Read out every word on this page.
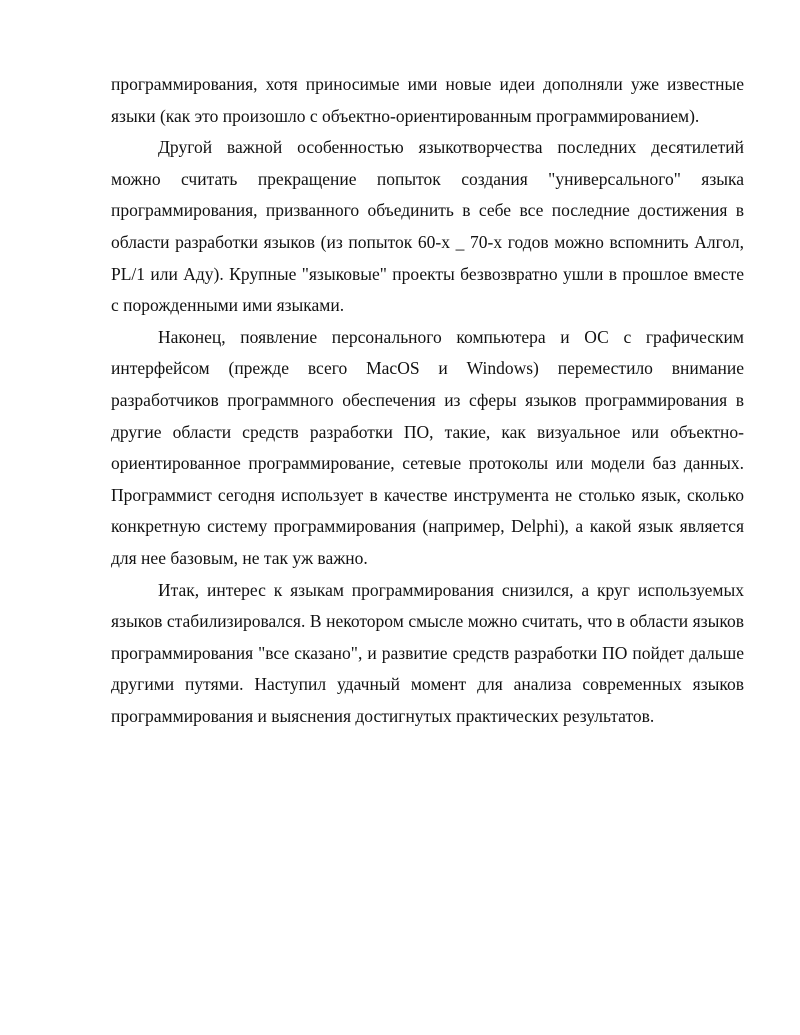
программирования, хотя приносимые ими новые идеи дополняли уже известные языки (как это произошло с объектно-ориентированным программированием).

Другой важной особенностью языкотворчества последних десятилетий можно считать прекращение попыток создания "универсального" языка программирования, призванного объединить в себе все последние достижения в области разработки языков (из попыток 60-х _ 70-х годов можно вспомнить Алгол, PL/1 или Аду). Крупные "языковые" проекты безвозвратно ушли в прошлое вместе с порожденными ими языками.

Наконец, появление персонального компьютера и ОС с графическим интерфейсом (прежде всего MacOS и Windows) переместило внимание разработчиков программного обеспечения из сферы языков программирования в другие области средств разработки ПО, такие, как визуальное или объектно-ориентированное программирование, сетевые протоколы или модели баз данных. Программист сегодня использует в качестве инструмента не столько язык, сколько конкретную систему программирования (например, Delphi), а какой язык является для нее базовым, не так уж важно.

Итак, интерес к языкам программирования снизился, а круг используемых языков стабилизировался. В некотором смысле можно считать, что в области языков программирования "все сказано", и развитие средств разработки ПО пойдет дальше другими путями. Наступил удачный момент для анализа современных языков программирования и выяснения достигнутых практических результатов.
